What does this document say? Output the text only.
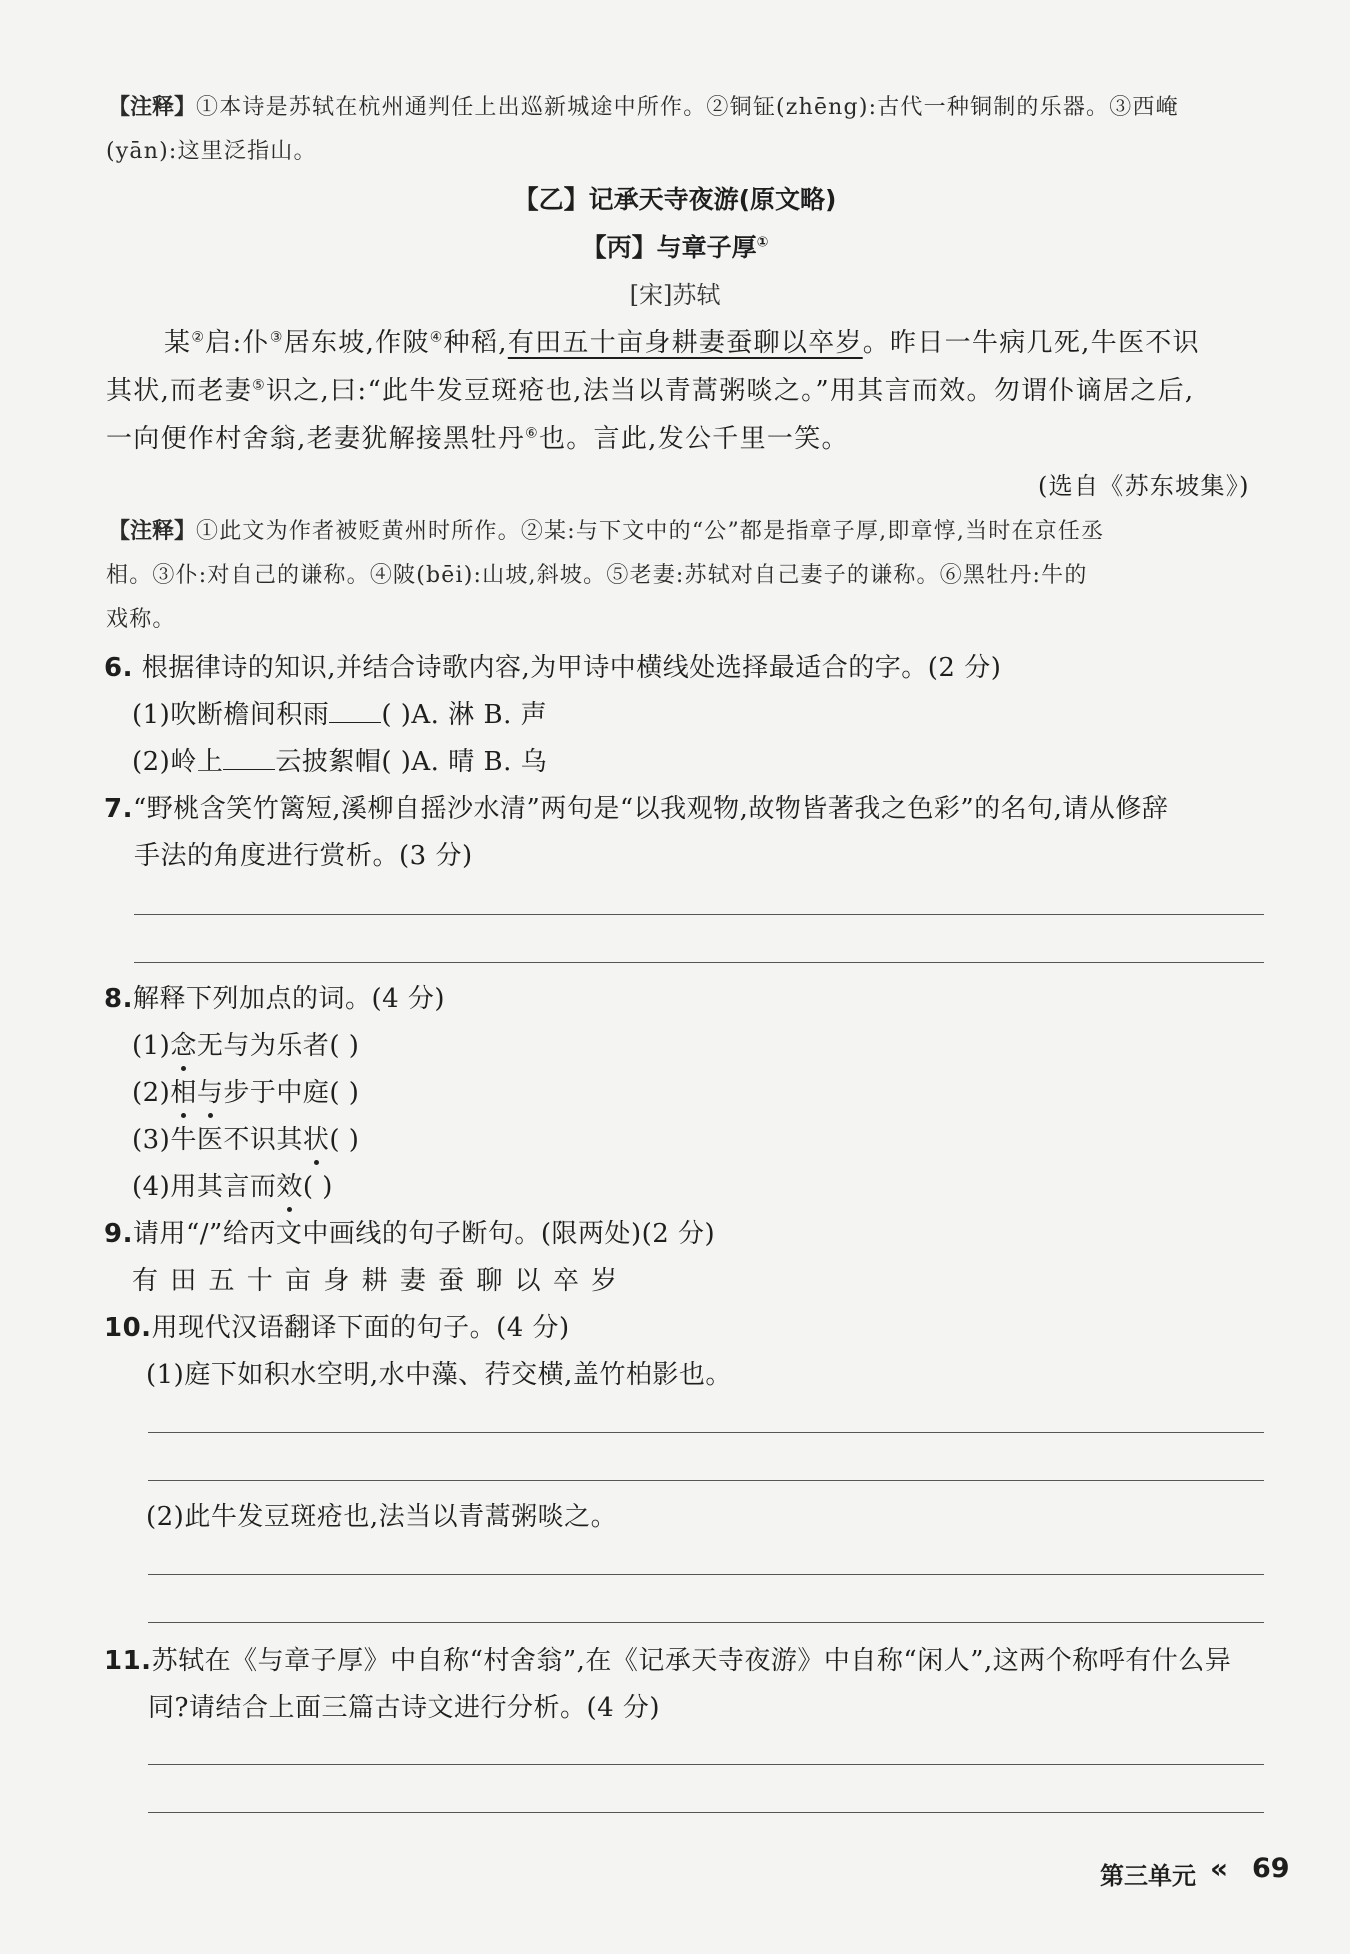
【注释】①本诗是苏轼在杭州通判任上出巡新城途中所作。②铜钲(zhēng):古代一种铜制的乐器。③西崦
(yān):这里泛指山。
【乙】记承天寺夜游(原文略)
【丙】与章子厚①
[宋]苏轼
某②启:仆③居东坡,作陂④种稻,有田五十亩身耕妻蚕聊以卒岁。昨日一牛病几死,牛医不识
其状,而老妻⑤识之,曰:“此牛发豆斑疮也,法当以青蒿粥啖之。”用其言而效。勿谓仆谪居之后,
一向便作村舍翁,老妻犹解接黑牡丹⑥也。言此,发公千里一笑。
(选自《苏东坡集》)
【注释】①此文为作者被贬黄州时所作。②某:与下文中的“公”都是指章子厚,即章惇,当时在京任丞
相。③仆:对自己的谦称。④陂(bēi):山坡,斜坡。⑤老妻:苏轼对自己妻子的谦称。⑥黑牡丹:牛的
戏称。
6. 根据律诗的知识,并结合诗歌内容,为甲诗中横线处选择最适合的字。(2 分)
(1)吹断檐间积雨 ( )A. 淋 B. 声
(2)岭上 云披絮帽( )A. 晴 B. 乌
7.“野桃含笑竹篱短,溪柳自摇沙水清”两句是“以我观物,故物皆著我之色彩”的名句,请从修辞
手法的角度进行赏析。(3 分)
8.解释下列加点的词。(4 分)
(1)念无与为乐者( )
(2)相与步于中庭( )
(3)牛医不识其状( )
(4)用其言而效( )
9.请用“/”给丙文中画线的句子断句。(限两处)(2 分)
有 田 五 十 亩 身 耕 妻 蚕 聊 以 卒 岁
10.用现代汉语翻译下面的句子。(4 分)
(1)庭下如积水空明,水中藻、荇交横,盖竹柏影也。
(2)此牛发豆斑疮也,法当以青蒿粥啖之。
11.苏轼在《与章子厚》中自称“村舍翁”,在《记承天寺夜游》中自称“闲人”,这两个称呼有什么异
同?请结合上面三篇古诗文进行分析。(4 分)
第三单元 « 69
